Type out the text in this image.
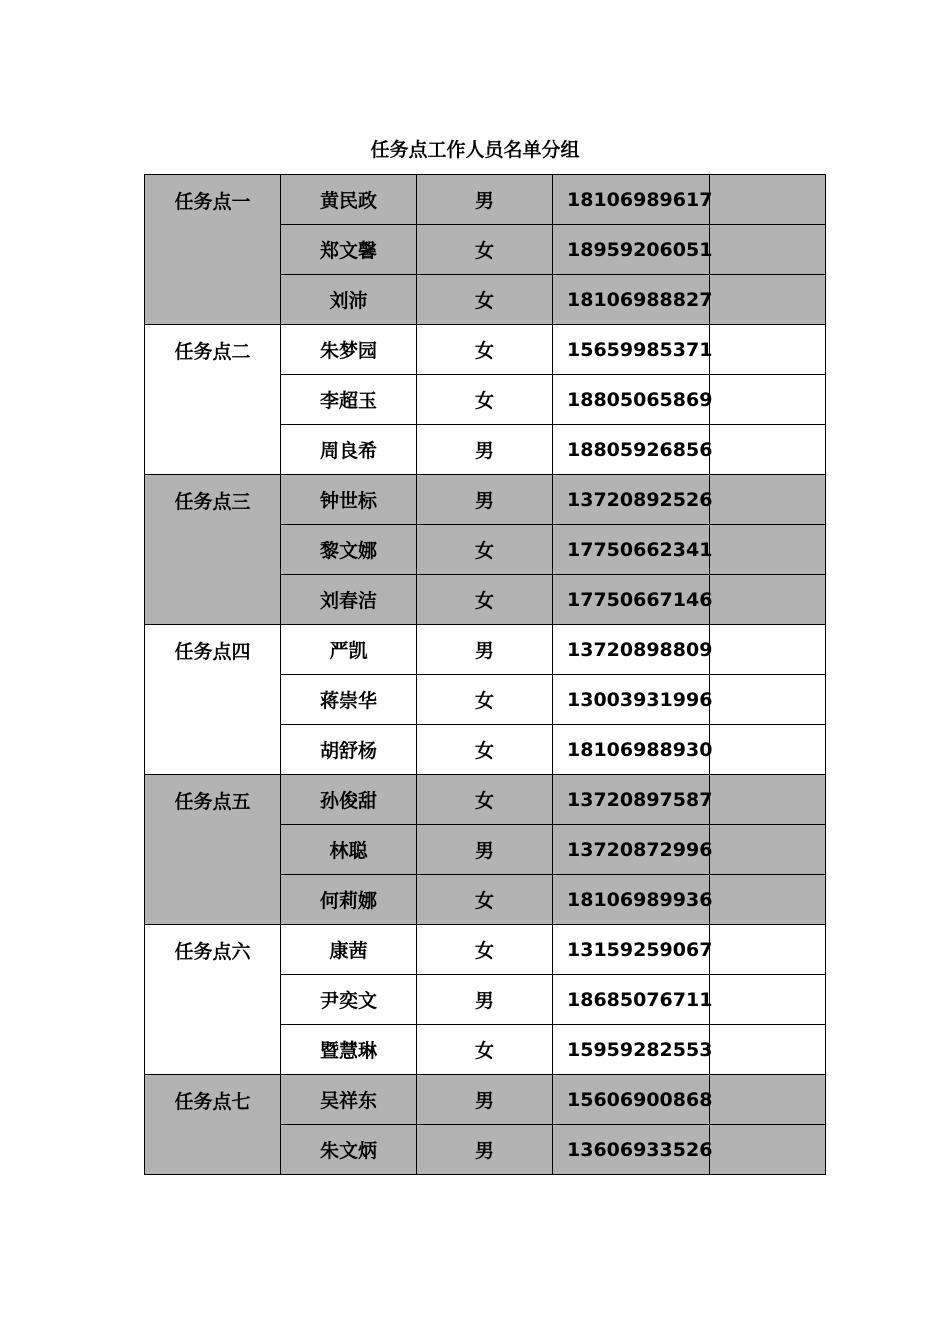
任务点工作人员名单分组
任务点一	黄民政	男	18106989617	
	郑文馨	女	18959206051	
	刘沛	女	18106988827	
任务点二	朱梦园	女	15659985371	
	李超玉	女	18805065869	
	周良希	男	18805926856	
任务点三	钟世标	男	13720892526	
	黎文娜	女	17750662341	
	刘春洁	女	17750667146	
任务点四	严凯	男	13720898809	
	蒋崇华	女	13003931996	
	胡舒杨	女	18106988930	
任务点五	孙俊甜	女	13720897587	
	林聪	男	13720872996	
	何莉娜	女	18106989936	
任务点六	康茜	女	13159259067	
	尹奕文	男	18685076711	
	暨慧琳	女	15959282553	
任务点七	吴祥东	男	15606900868	
	朱文炳	男	13606933526	
